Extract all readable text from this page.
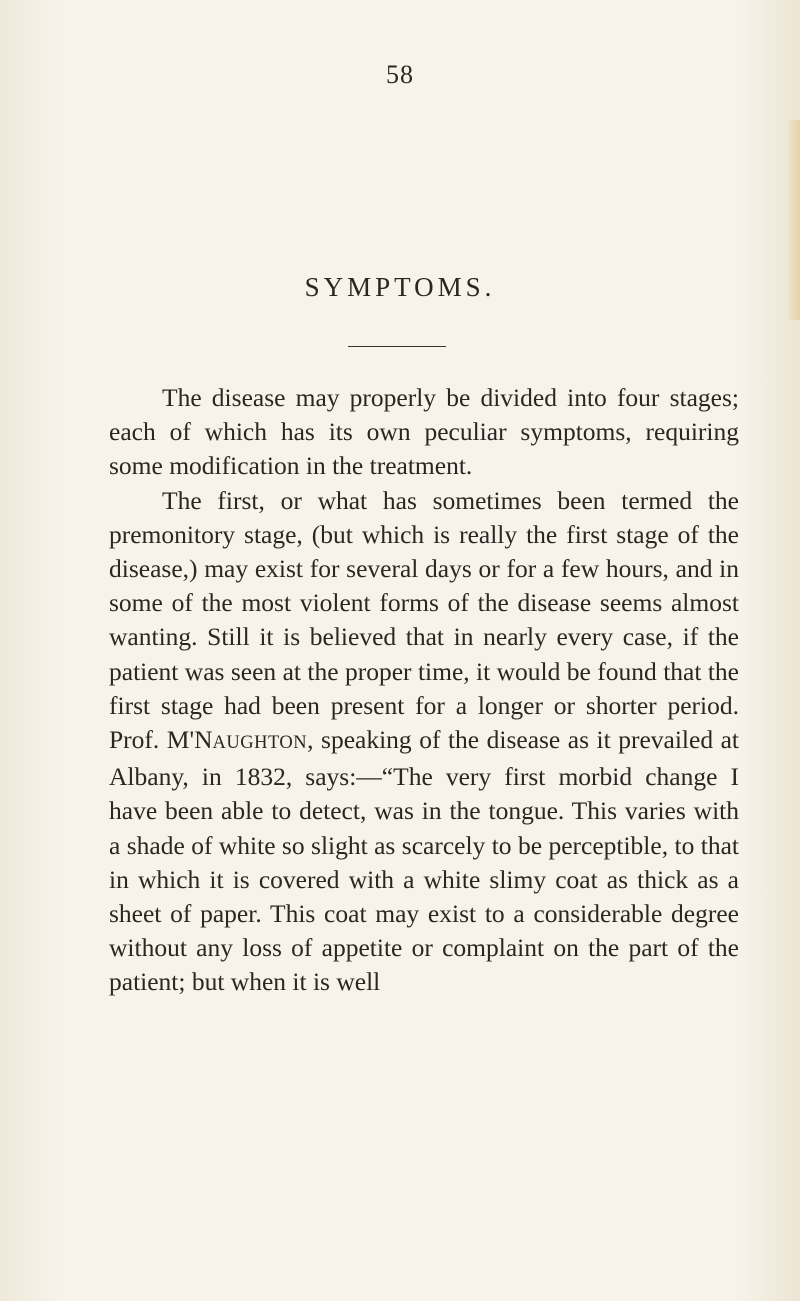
58
SYMPTOMS.

The disease may properly be divided into four stages; each of which has its own peculiar symptoms, requiring some modification in the treatment.

The first, or what has sometimes been termed the premonitory stage, (but which is really the first stage of the disease,) may exist for several days or for a few hours, and in some of the most violent forms of the disease seems almost wanting. Still it is believed that in nearly every case, if the patient was seen at the proper time, it would be found that the first stage had been present for a longer or shorter period. Prof. M'NAUGHTON, speaking of the disease as it prevailed at Albany, in 1832, says:—“The very first morbid change I have been able to detect, was in the tongue. This varies with a shade of white so slight as scarcely to be perceptible, to that in which it is covered with a white slimy coat as thick as a sheet of paper. This coat may exist to a considerable degree without any loss of appetite or complaint on the part of the patient; but when it is well
